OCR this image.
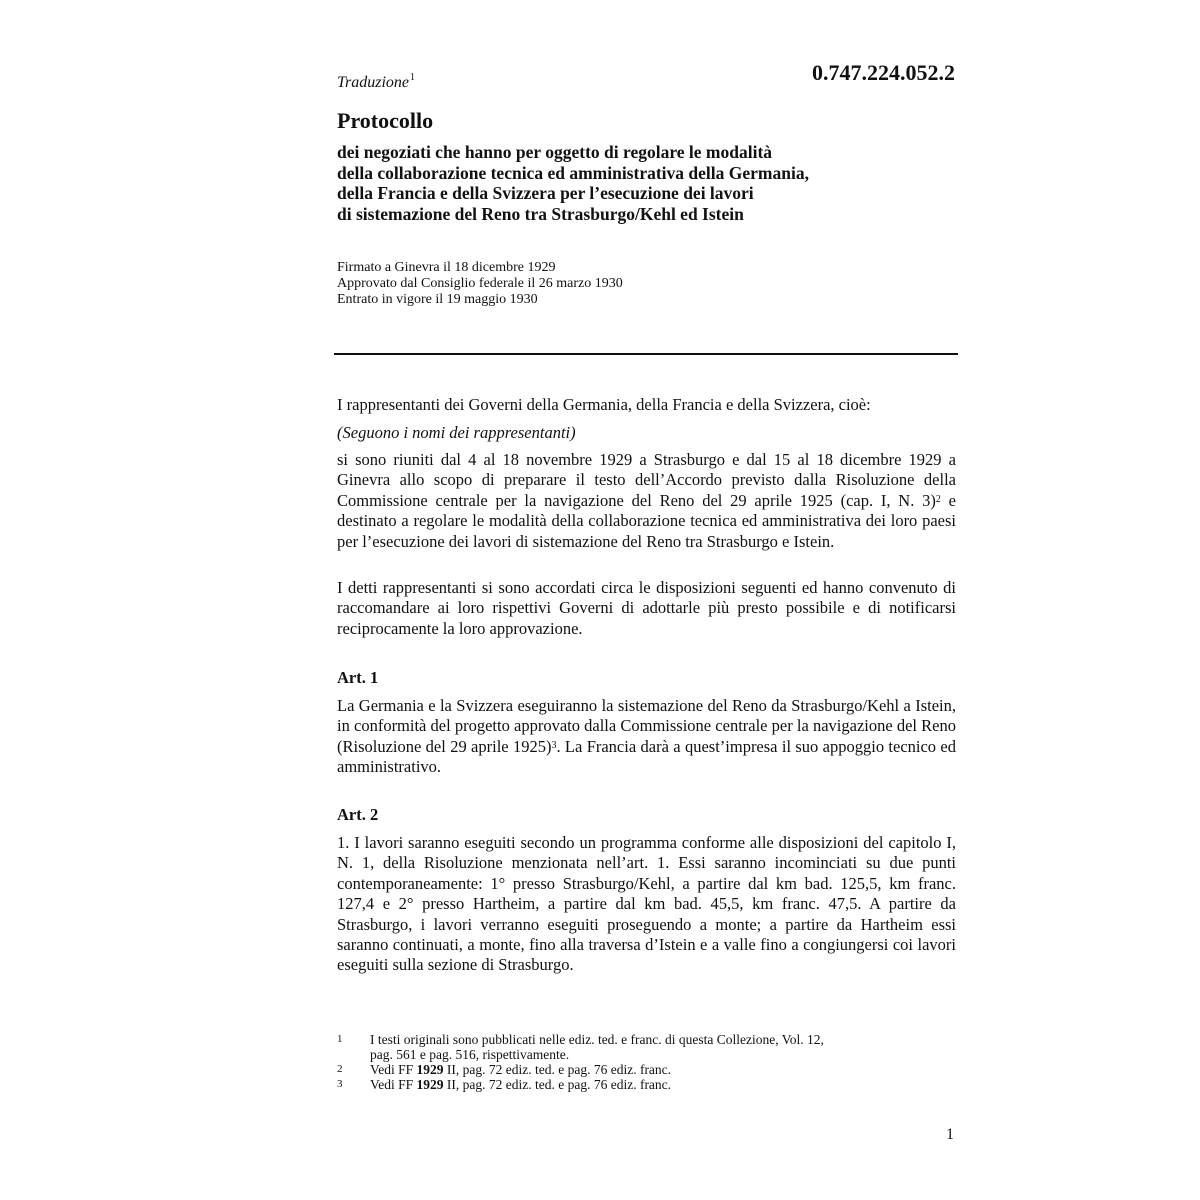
Traduzione$^1$	0.747.224.052.2
Protocollo
dei negoziati che hanno per oggetto di regolare le modalità
della collaborazione tecnica ed amministrativa della Germania,
della Francia e della Svizzera per l’esecuzione dei lavori
di sistemazione del Reno tra Strasburgo/Kehl ed Istein
Firmato a Ginevra il 18 dicembre 1929
Approvato dal Consiglio federale il 26 marzo 1930
Entrato in vigore il 19 maggio 1930
I rappresentanti dei Governi della Germania, della Francia e della Svizzera, cioè:
(Seguono i nomi dei rappresentanti)
si sono riuniti dal 4 al 18 novembre 1929 a Strasburgo e dal 15 al 18 dicembre 1929 a Ginevra allo scopo di preparare il testo dell’Accordo previsto dalla Risoluzione della Commissione centrale per la navigazione del Reno del 29 aprile 1925 (cap. I, N. 3)$^2$ e destinato a regolare le modalità della collaborazione tecnica ed amministrativa dei loro paesi per l’esecuzione dei lavori di sistemazione del Reno tra Strasburgo e Istein.
I detti rappresentanti si sono accordati circa le disposizioni seguenti ed hanno convenuto di raccomandare ai loro rispettivi Governi di adottarle più presto possibile e di notificarsi reciprocamente la loro approvazione.
Art. 1
La Germania e la Svizzera eseguiranno la sistemazione del Reno da Strasburgo/Kehl a Istein, in conformità del progetto approvato dalla Commissione centrale per la navigazione del Reno (Risoluzione del 29 aprile 1925)$^3$. La Francia darà a quest’impresa il suo appoggio tecnico ed amministrativo.
Art. 2
1. I lavori saranno eseguiti secondo un programma conforme alle disposizioni del capitolo I, N. 1, della Risoluzione menzionata nell’art. 1. Essi saranno incominciati su due punti contemporaneamente: 1° presso Strasburgo/Kehl, a partire dal km bad. 125,5, km franc. 127,4 e 2° presso Hartheim, a partire dal km bad. 45,5, km franc. 47,5. A partire da Strasburgo, i lavori verranno eseguiti proseguendo a monte; a partire da Hartheim essi saranno continuati, a monte, fino alla traversa d’Istein e a valle fino a congiungersi coi lavori eseguiti sulla sezione di Strasburgo.
1	I testi originali sono pubblicati nelle ediz. ted. e franc. di questa Collezione, Vol. 12,
pag. 561 e pag. 516, rispettivamente.
2	Vedi FF 1929 II, pag. 72 ediz. ted. e pag. 76 ediz. franc.
3	Vedi FF 1929 II, pag. 72 ediz. ted. e pag. 76 ediz. franc.
1
